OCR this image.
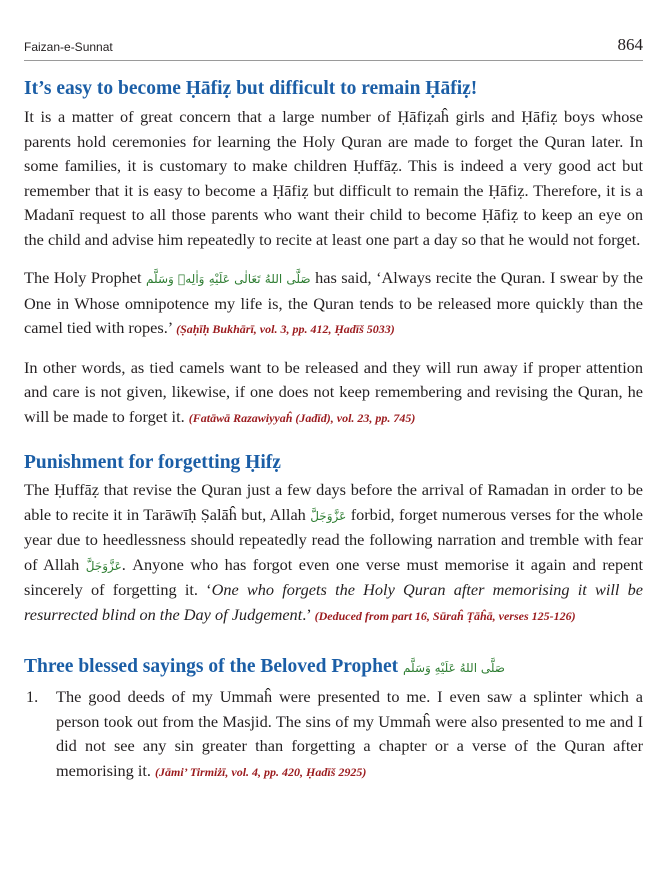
Faizan-e-Sunnat	864
It’s easy to become Ḥāfiẓ but difficult to remain Ḥāfiẓ!

It is a matter of great concern that a large number of Ḥāfiẓaĥ girls and Ḥāfiẓ boys whose parents hold ceremonies for learning the Holy Quran are made to forget the Quran later. In some families, it is customary to make children Ḥuffāẓ. This is indeed a very good act but remember that it is easy to become a Ḥāfiẓ but difficult to remain the Ḥāfiẓ. Therefore, it is a Madanī request to all those parents who want their child to become Ḥāfiẓ to keep an eye on the child and advise him repeatedly to recite at least one part a day so that he would not forget.

The Holy Prophet صَلَّى اللهُ تَعَالٰى عَلَيْهِ وَاٰلِهٖ وَسَلَّم has said, ‘Always recite the Quran. I swear by the One in Whose omnipotence my life is, the Quran tends to be released more quickly than the camel tied with ropes.’ (Ṣaḥīḥ Bukhārī, vol. 3, pp. 412, Ḥadīš 5033)

In other words, as tied camels want to be released and they will run away if proper attention and care is not given, likewise, if one does not keep remembering and revising the Quran, he will be made to forget it. (Fatāwā Razawiyyaĥ (Jadīd), vol. 23, pp. 745)

Punishment for forgetting Ḥifẓ

The Ḥuffāẓ that revise the Quran just a few days before the arrival of Ramadan in order to be able to recite it in Tarāwīḥ Ṣalāĥ but, Allah عَزَّوَجَلَّ forbid, forget numerous verses for the whole year due to heedlessness should repeatedly read the following narration and tremble with fear of Allah عَزَّوَجَلَّ. Anyone who has forgot even one verse must memorise it again and repent sincerely of forgetting it. ‘One who forgets the Holy Quran after memorising it will be resurrected blind on the Day of Judgement.’ (Deduced from part 16, Sūraĥ Ṭāĥā, verses 125-126)

Three blessed sayings of the Beloved Prophet صَلَّى اللهُ عَلَيْهِ وَسَلَّم
1. The good deeds of my Ummaĥ were presented to me. I even saw a splinter which a person took out from the Masjid. The sins of my Ummaĥ were also presented to me and I did not see any sin greater than forgetting a chapter or a verse of the Quran after memorising it. (Jāmi’ Tirmiżī, vol. 4, pp. 420, Ḥadīš 2925)
